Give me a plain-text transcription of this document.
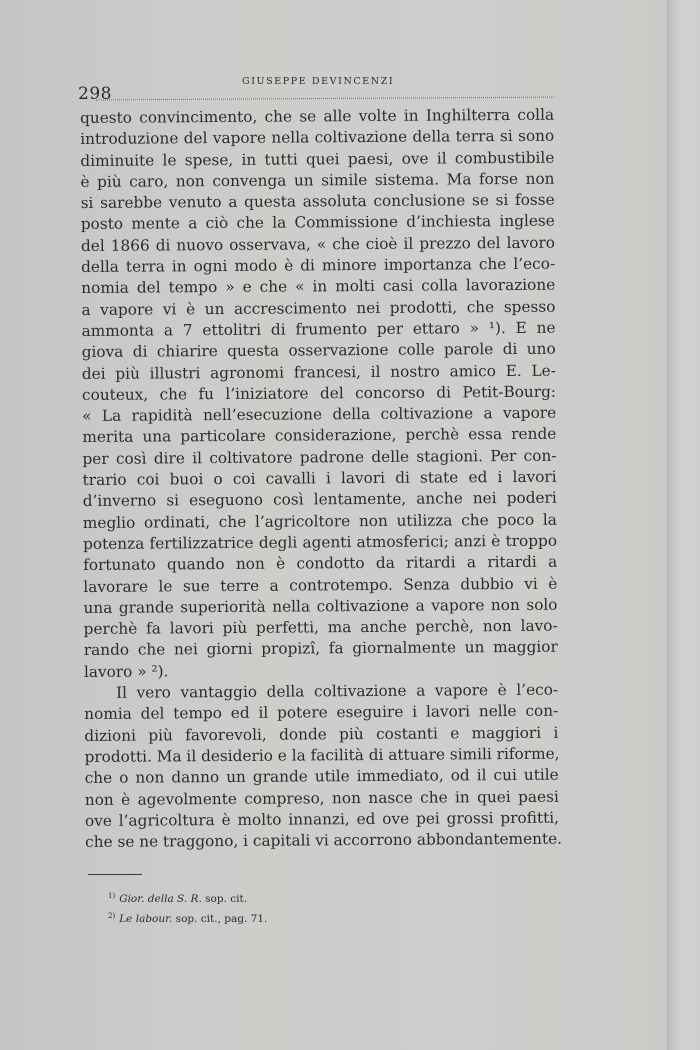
298
GIUSEPPE DEVINCENZI

questo convincimento, che se alle volte in Inghilterra colla
introduzione del vapore nella coltivazione della terra si sono
diminuite le spese, in tutti quei paesi, ove il combustibile
è più caro, non convenga un simile sistema. Ma forse non
si sarebbe venuto a questa assoluta conclusione se si fosse
posto mente a ciò che la Commissione d’inchiesta inglese
del 1866 di nuovo osservava, « che cioè il prezzo del lavoro
della terra in ogni modo è di minore importanza che l’eco-
nomia del tempo » e che « in molti casi colla lavorazione
a vapore vi è un accrescimento nei prodotti, che spesso
ammonta a 7 ettolitri di frumento per ettaro » ¹). E ne
giova di chiarire questa osservazione colle parole di uno
dei più illustri agronomi francesi, il nostro amico E. Le-
couteux, che fu l’iniziatore del concorso di Petit-Bourg:
« La rapidità nell’esecuzione della coltivazione a vapore
merita una particolare considerazione, perchè essa rende
per così dire il coltivatore padrone delle stagioni. Per con-
trario coi buoi o coi cavalli i lavori di state ed i lavori
d’inverno si eseguono così lentamente, anche nei poderi
meglio ordinati, che l’agricoltore non utilizza che poco la
potenza fertilizzatrice degli agenti atmosferici; anzi è troppo
fortunato quando non è condotto da ritardi a ritardi a
lavorare le sue terre a controtempo. Senza dubbio vi è
una grande superiorità nella coltivazione a vapore non solo
perchè fa lavori più perfetti, ma anche perchè, non lavo-
rando che nei giorni propizî, fa giornalmente un maggior
lavoro » ²).

Il vero vantaggio della coltivazione a vapore è l’eco-
nomia del tempo ed il potere eseguire i lavori nelle con-
dizioni più favorevoli, donde più costanti e maggiori i
prodotti. Ma il desiderio e la facilità di attuare simili riforme,
che o non danno un grande utile immediato, od il cui utile
non è agevolmente compreso, non nasce che in quei paesi
ove l’agricoltura è molto innanzi, ed ove pei grossi profitti,
che se ne traggono, i capitali vi accorrono abbondantemente.

$^{1)}$ Gior. della S. R. sop. cit.
$^{2)}$ Le labour. sop. cit., pag. 71.
